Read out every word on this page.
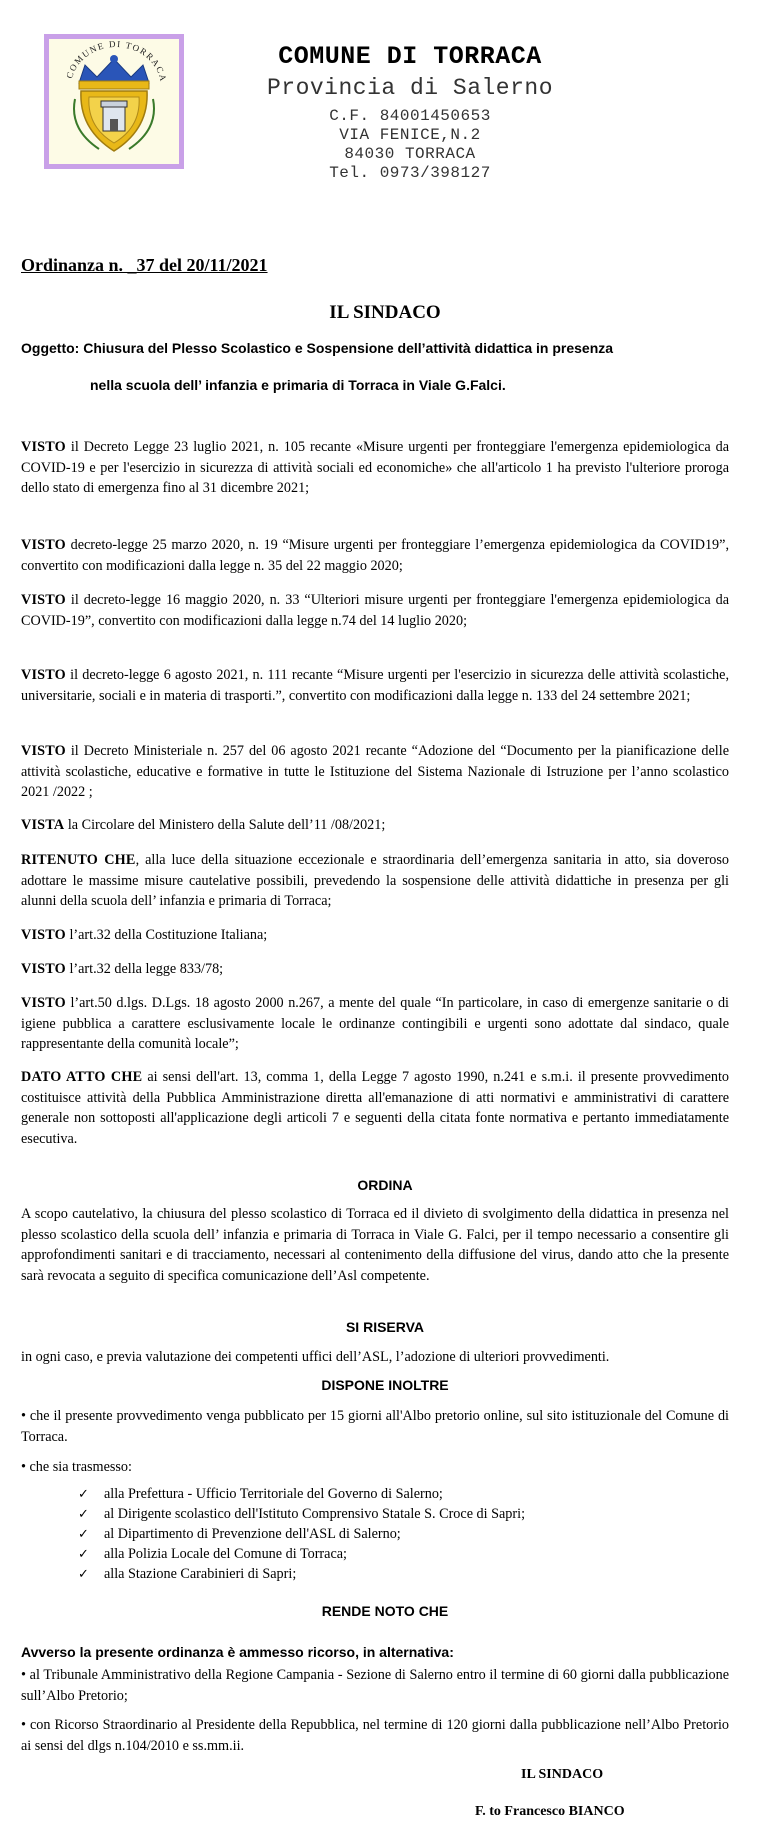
COMUNE DI TORRACA
COMUNE DI TORRACA
Provincia di Salerno
C.F. 84001450653
VIA FENICE,N.2
84030 TORRACA
Tel. 0973/398127
Ordinanza n. _37 del 20/11/2021
IL SINDACO
Oggetto: Chiusura del Plesso Scolastico e Sospensione dell’attività didattica in presenza
nella scuola dell’ infanzia e primaria di Torraca in Viale G.Falci.
VISTO il Decreto Legge 23 luglio 2021, n. 105 recante «Misure urgenti per fronteggiare l'emergenza epidemiologica da COVID-19 e per l'esercizio in sicurezza di attività sociali ed economiche» che all'articolo 1 ha previsto l'ulteriore proroga dello stato di emergenza fino al 31 dicembre 2021;
VISTO decreto-legge 25 marzo 2020, n. 19 “Misure urgenti per fronteggiare l’emergenza epidemiologica da COVID19”, convertito con modificazioni dalla legge n. 35 del 22 maggio 2020;
VISTO il decreto-legge 16 maggio 2020, n. 33 “Ulteriori misure urgenti per fronteggiare l'emergenza epidemiologica da COVID-19”, convertito con modificazioni dalla legge n.74 del 14 luglio 2020;
VISTO il decreto-legge 6 agosto 2021, n. 111 recante “Misure urgenti per l'esercizio in sicurezza delle attività scolastiche, universitarie, sociali e in materia di trasporti.”, convertito con modificazioni dalla legge n. 133 del 24 settembre 2021;
VISTO il Decreto Ministeriale n. 257 del 06 agosto 2021 recante “Adozione del “Documento per la pianificazione delle attività scolastiche, educative e formative in tutte le Istituzione del Sistema Nazionale di Istruzione per l’anno scolastico 2021 /2022 ;
VISTA la Circolare del Ministero della Salute dell’11 /08/2021;
RITENUTO CHE, alla luce della situazione eccezionale e straordinaria dell’emergenza sanitaria in atto, sia doveroso adottare le massime misure cautelative possibili, prevedendo la sospensione delle attività didattiche in presenza per gli alunni della scuola dell’ infanzia e primaria di Torraca;
VISTO l’art.32 della Costituzione Italiana;
VISTO l’art.32 della legge 833/78;
VISTO l’art.50 d.lgs. D.Lgs. 18 agosto 2000 n.267, a mente del quale “In particolare, in caso di emergenze sanitarie o di igiene pubblica a carattere esclusivamente locale le ordinanze contingibili e urgenti sono adottate dal sindaco, quale rappresentante della comunità locale”;
DATO ATTO CHE ai sensi dell'art. 13, comma 1, della Legge 7 agosto 1990, n.241 e s.m.i. il presente provvedimento costituisce attività della Pubblica Amministrazione diretta all'emanazione di atti normativi e amministrativi di carattere generale non sottoposti all'applicazione degli articoli 7 e seguenti della citata fonte normativa e pertanto immediatamente esecutiva.
ORDINA
A scopo cautelativo, la chiusura del plesso scolastico di Torraca ed il divieto di svolgimento della didattica in presenza nel plesso scolastico della scuola dell’ infanzia e primaria di Torraca in Viale G. Falci, per il tempo necessario a consentire gli approfondimenti sanitari e di tracciamento, necessari al contenimento della diffusione del virus, dando atto che la presente sarà revocata a seguito di specifica comunicazione dell’Asl competente.
SI RISERVA
in ogni caso, e previa valutazione dei competenti uffici dell’ASL, l’adozione di ulteriori provvedimenti.
DISPONE INOLTRE
• che il presente provvedimento venga pubblicato per 15 giorni all'Albo pretorio online, sul sito istituzionale del Comune di Torraca.
• che sia trasmesso:
✓	alla Prefettura - Ufficio Territoriale del Governo di Salerno;
✓	al Dirigente scolastico dell'Istituto Comprensivo Statale S. Croce di Sapri;
✓	al Dipartimento di Prevenzione dell'ASL di Salerno;
✓	alla Polizia Locale del Comune di Torraca;
✓	alla Stazione Carabinieri di Sapri;
RENDE NOTO CHE
Avverso la presente ordinanza è ammesso ricorso, in alternativa:
• al Tribunale Amministrativo della Regione Campania - Sezione di Salerno entro il termine di 60 giorni dalla pubblicazione sull’Albo Pretorio;
• con Ricorso Straordinario al Presidente della Repubblica, nel termine di 120 giorni dalla pubblicazione nell’Albo Pretorio ai sensi del dlgs n.104/2010 e ss.mm.ii.
IL SINDACO
F. to Francesco BIANCO
